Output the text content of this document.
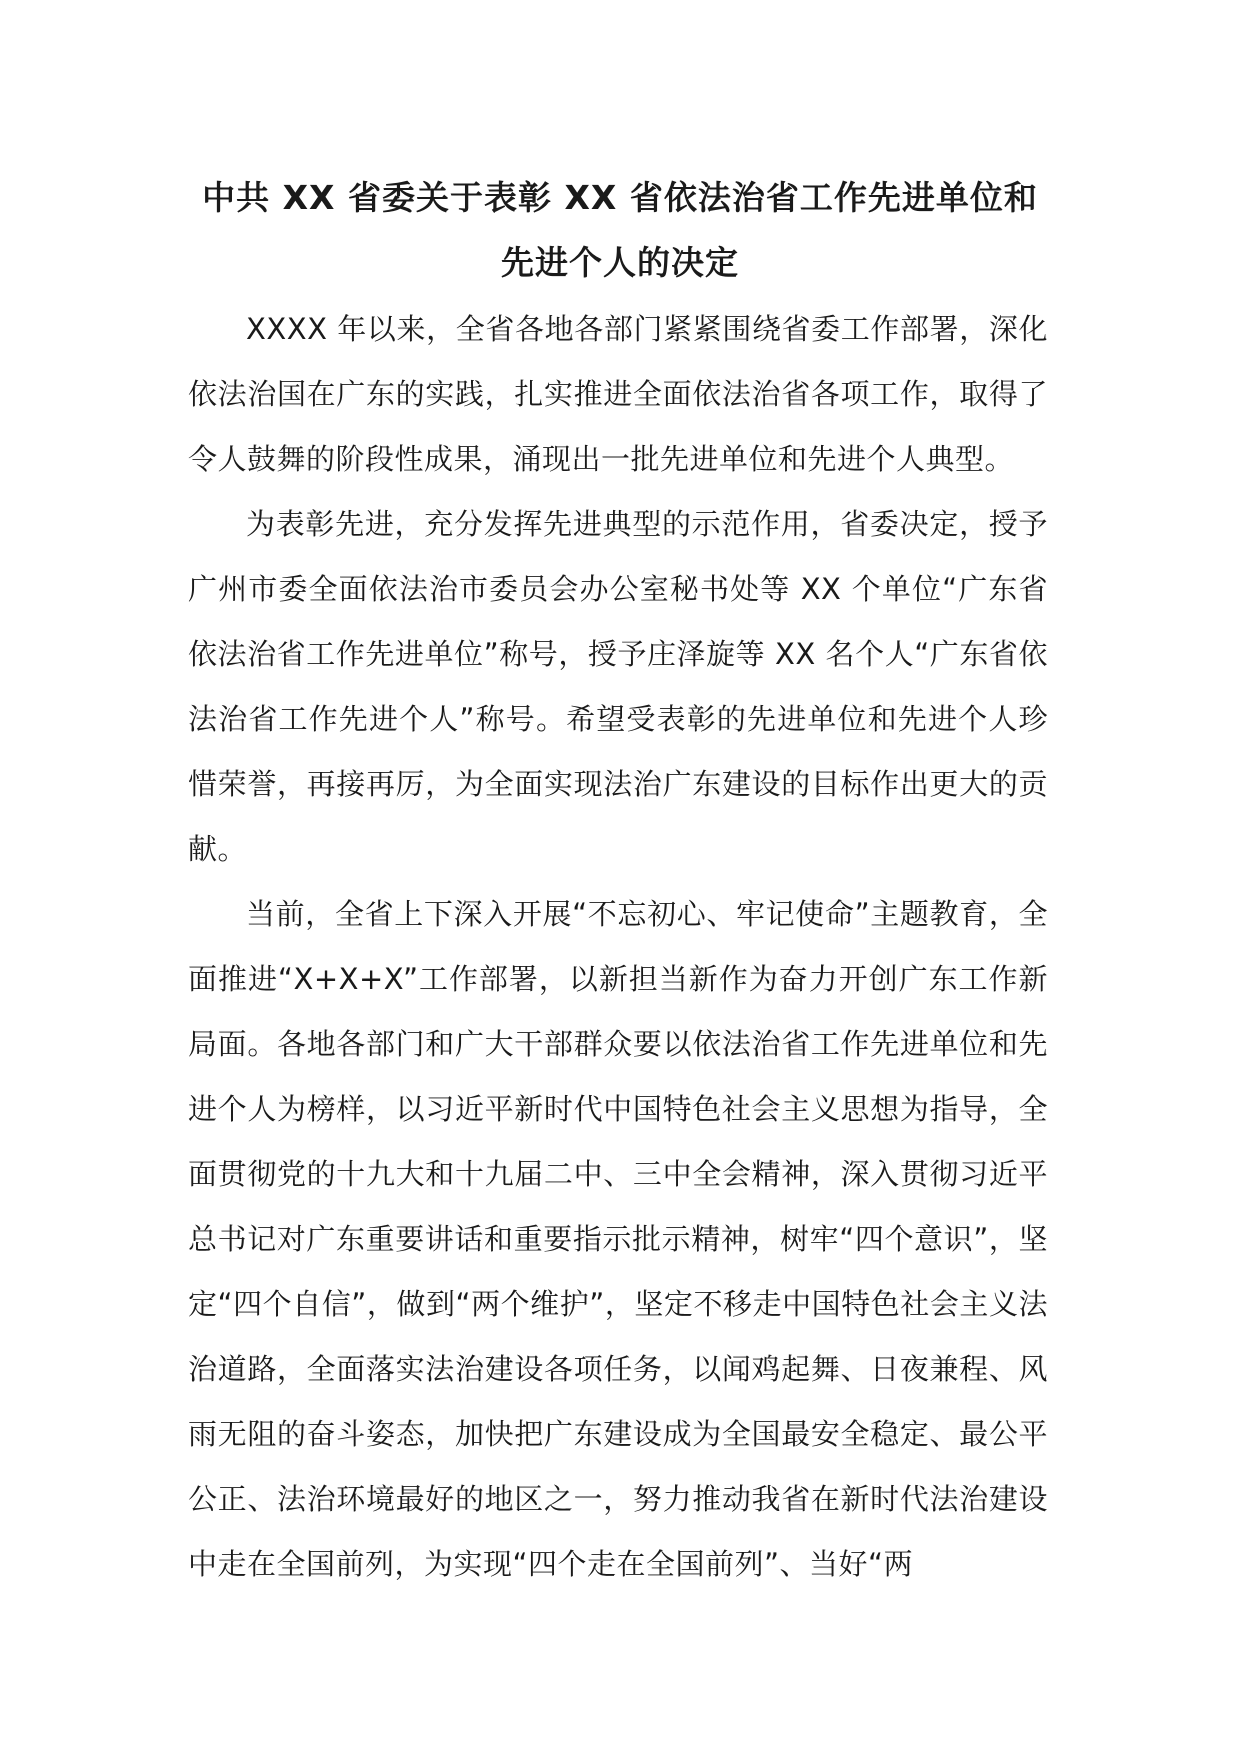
中共 XX 省委关于表彰 XX 省依法治省工作先进单位和
先进个人的决定

XXXX 年以来，全省各地各部门紧紧围绕省委工作部署，深化依法治国在广东的实践，扎实推进全面依法治省各项工作，取得了令人鼓舞的阶段性成果，涌现出一批先进单位和先进个人典型。

为表彰先进，充分发挥先进典型的示范作用，省委决定，授予广州市委全面依法治市委员会办公室秘书处等 XX 个单位“广东省依法治省工作先进单位”称号，授予庄泽旋等 XX 名个人“广东省依法治省工作先进个人”称号。希望受表彰的先进单位和先进个人珍惜荣誉，再接再厉，为全面实现法治广东建设的目标作出更大的贡献。

当前，全省上下深入开展“不忘初心、牢记使命”主题教育，全面推进“X+X+X”工作部署，以新担当新作为奋力开创广东工作新局面。各地各部门和广大干部群众要以依法治省工作先进单位和先进个人为榜样，以习近平新时代中国特色社会主义思想为指导，全面贯彻党的十九大和十九届二中、三中全会精神，深入贯彻习近平总书记对广东重要讲话和重要指示批示精神，树牢“四个意识”，坚定“四个自信”，做到“两个维护”，坚定不移走中国特色社会主义法治道路，全面落实法治建设各项任务，以闻鸡起舞、日夜兼程、风雨无阻的奋斗姿态，加快把广东建设成为全国最安全稳定、最公平公正、法治环境最好的地区之一，努力推动我省在新时代法治建设中走在全国前列，为实现“四个走在全国前列”、当好“两
